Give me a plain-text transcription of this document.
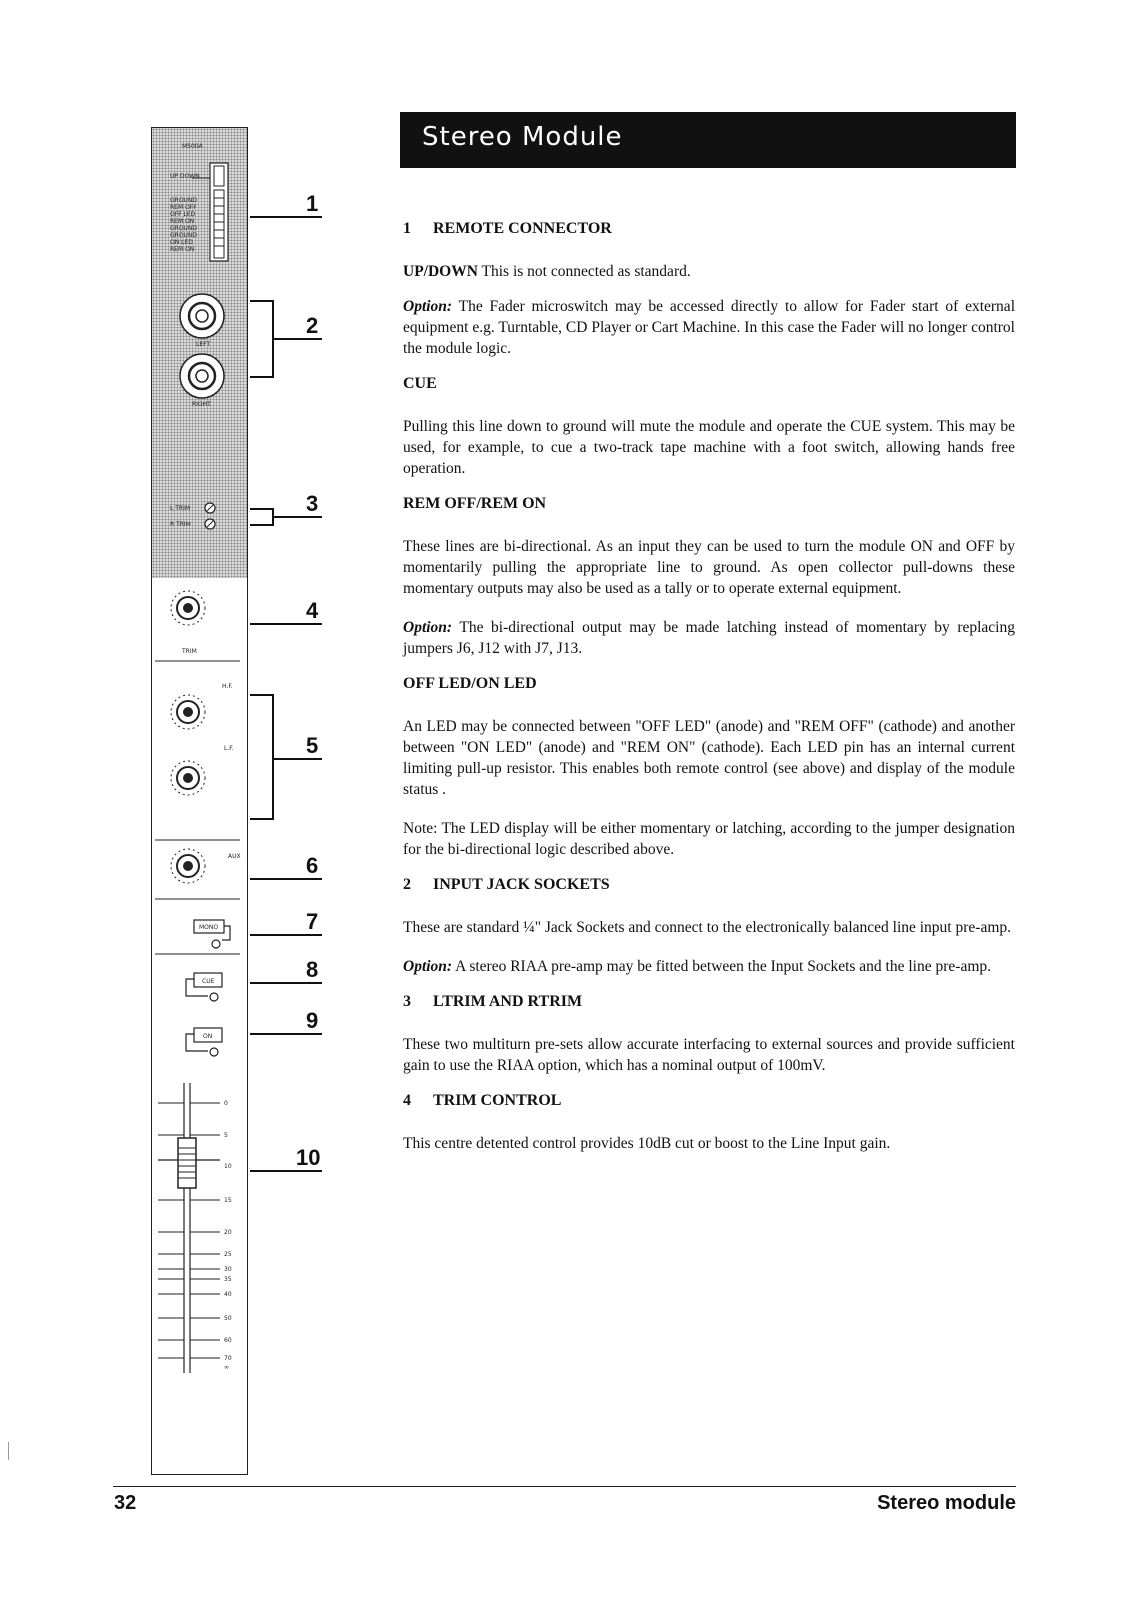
M500A
UP DOWN
GROUND
REM OFF
OFF LED
REM ON
GROUND
GROUND
ON LED
REM ON
LEFT
RIGHT
L TRIM
R TRIM
TRIM
H.F.
L.F.
AUX
MONO
CUE
ON
0
5
10
15
20
25
30
35
40
50
60
70
∞
1
2
3
4
5
6
7
8
9
10
Stereo Module
1 REMOTE CONNECTOR

UP/DOWN This is not connected as standard.

Option: The Fader microswitch may be accessed directly to allow for Fader start of external equipment e.g. Turntable, CD Player or Cart Machine. In this case the Fader will no longer control the module logic.

CUE

Pulling this line down to ground will mute the module and operate the CUE system. This may be used, for example, to cue a two-track tape machine with a foot switch, allowing hands free operation.

REM OFF/REM ON

These lines are bi-directional. As an input they can be used to turn the module ON and OFF by momentarily pulling the appropriate line to ground. As open collector pull-downs these momentary outputs may also be used as a tally or to operate external equipment.

Option: The bi-directional output may be made latching instead of momentary by replacing jumpers J6, J12 with J7, J13.

OFF LED/ON LED

An LED may be connected between "OFF LED" (anode) and "REM OFF" (cathode) and another between "ON LED" (anode) and "REM ON" (cathode). Each LED pin has an internal current limiting pull-up resistor. This enables both remote control (see above) and display of the module status .

Note: The LED display will be either momentary or latching, according to the jumper designation for the bi-directional logic described above.

2 INPUT JACK SOCKETS

These are standard ¼" Jack Sockets and connect to the electronically balanced line input pre-amp.

Option: A stereo RIAA pre-amp may be fitted between the Input Sockets and the line pre-amp.

3 LTRIM AND RTRIM

These two multiturn pre-sets allow accurate interfacing to external sources and provide sufficient gain to use the RIAA option, which has a nominal output of 100mV.

4 TRIM CONTROL

This centre detented control provides 10dB cut or boost to the Line Input gain.

32	Stereo module
